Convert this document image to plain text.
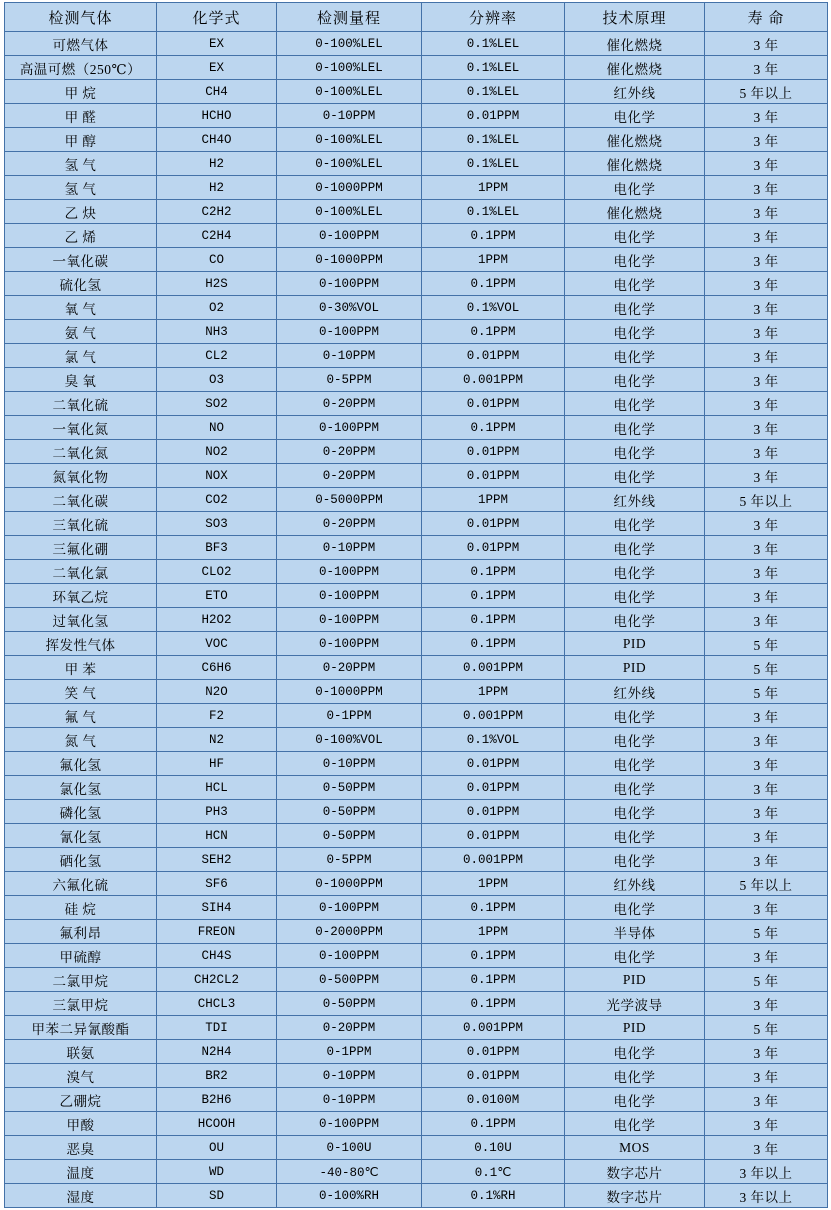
检测气体	化学式	检测量程	分辨率	技术原理	寿 命
可燃气体	EX	0-100%LEL	0.1%LEL	催化燃烧	3 年
高温可燃（250℃）	EX	0-100%LEL	0.1%LEL	催化燃烧	3 年
甲 烷	CH4	0-100%LEL	0.1%LEL	红外线	5 年以上
甲 醛	HCHO	0-10PPM	0.01PPM	电化学	3 年
甲 醇	CH4O	0-100%LEL	0.1%LEL	催化燃烧	3 年
氢 气	H2	0-100%LEL	0.1%LEL	催化燃烧	3 年
氢 气	H2	0-1000PPM	1PPM	电化学	3 年
乙 炔	C2H2	0-100%LEL	0.1%LEL	催化燃烧	3 年
乙 烯	C2H4	0-100PPM	0.1PPM	电化学	3 年
一氧化碳	CO	0-1000PPM	1PPM	电化学	3 年
硫化氢	H2S	0-100PPM	0.1PPM	电化学	3 年
氧 气	O2	0-30%VOL	0.1%VOL	电化学	3 年
氨 气	NH3	0-100PPM	0.1PPM	电化学	3 年
氯 气	CL2	0-10PPM	0.01PPM	电化学	3 年
臭 氧	O3	0-5PPM	0.001PPM	电化学	3 年
二氧化硫	SO2	0-20PPM	0.01PPM	电化学	3 年
一氧化氮	NO	0-100PPM	0.1PPM	电化学	3 年
二氧化氮	NO2	0-20PPM	0.01PPM	电化学	3 年
氮氧化物	NOX	0-20PPM	0.01PPM	电化学	3 年
二氧化碳	CO2	0-5000PPM	1PPM	红外线	5 年以上
三氧化硫	SO3	0-20PPM	0.01PPM	电化学	3 年
三氟化硼	BF3	0-10PPM	0.01PPM	电化学	3 年
二氧化氯	CLO2	0-100PPM	0.1PPM	电化学	3 年
环氧乙烷	ETO	0-100PPM	0.1PPM	电化学	3 年
过氧化氢	H2O2	0-100PPM	0.1PPM	电化学	3 年
挥发性气体	VOC	0-100PPM	0.1PPM	PID	5 年
甲 苯	C6H6	0-20PPM	0.001PPM	PID	5 年
笑 气	N2O	0-1000PPM	1PPM	红外线	5 年
氟 气	F2	0-1PPM	0.001PPM	电化学	3 年
氮 气	N2	0-100%VOL	0.1%VOL	电化学	3 年
氟化氢	HF	0-10PPM	0.01PPM	电化学	3 年
氯化氢	HCL	0-50PPM	0.01PPM	电化学	3 年
磷化氢	PH3	0-50PPM	0.01PPM	电化学	3 年
氰化氢	HCN	0-50PPM	0.01PPM	电化学	3 年
硒化氢	SEH2	0-5PPM	0.001PPM	电化学	3 年
六氟化硫	SF6	0-1000PPM	1PPM	红外线	5 年以上
硅 烷	SIH4	0-100PPM	0.1PPM	电化学	3 年
氟利昂	FREON	0-2000PPM	1PPM	半导体	5 年
甲硫醇	CH4S	0-100PPM	0.1PPM	电化学	3 年
二氯甲烷	CH2CL2	0-500PPM	0.1PPM	PID	5 年
三氯甲烷	CHCL3	0-50PPM	0.1PPM	光学波导	3 年
甲苯二异氰酸酯	TDI	0-20PPM	0.001PPM	PID	5 年
联氨	N2H4	0-1PPM	0.01PPM	电化学	3 年
溴气	BR2	0-10PPM	0.01PPM	电化学	3 年
乙硼烷	B2H6	0-10PPM	0.0100M	电化学	3 年
甲酸	HCOOH	0-100PPM	0.1PPM	电化学	3 年
恶臭	OU	0-100U	0.10U	MOS	3 年
温度	WD	-40-80℃	0.1℃	数字芯片	3 年以上
湿度	SD	0-100%RH	0.1%RH	数字芯片	3 年以上
